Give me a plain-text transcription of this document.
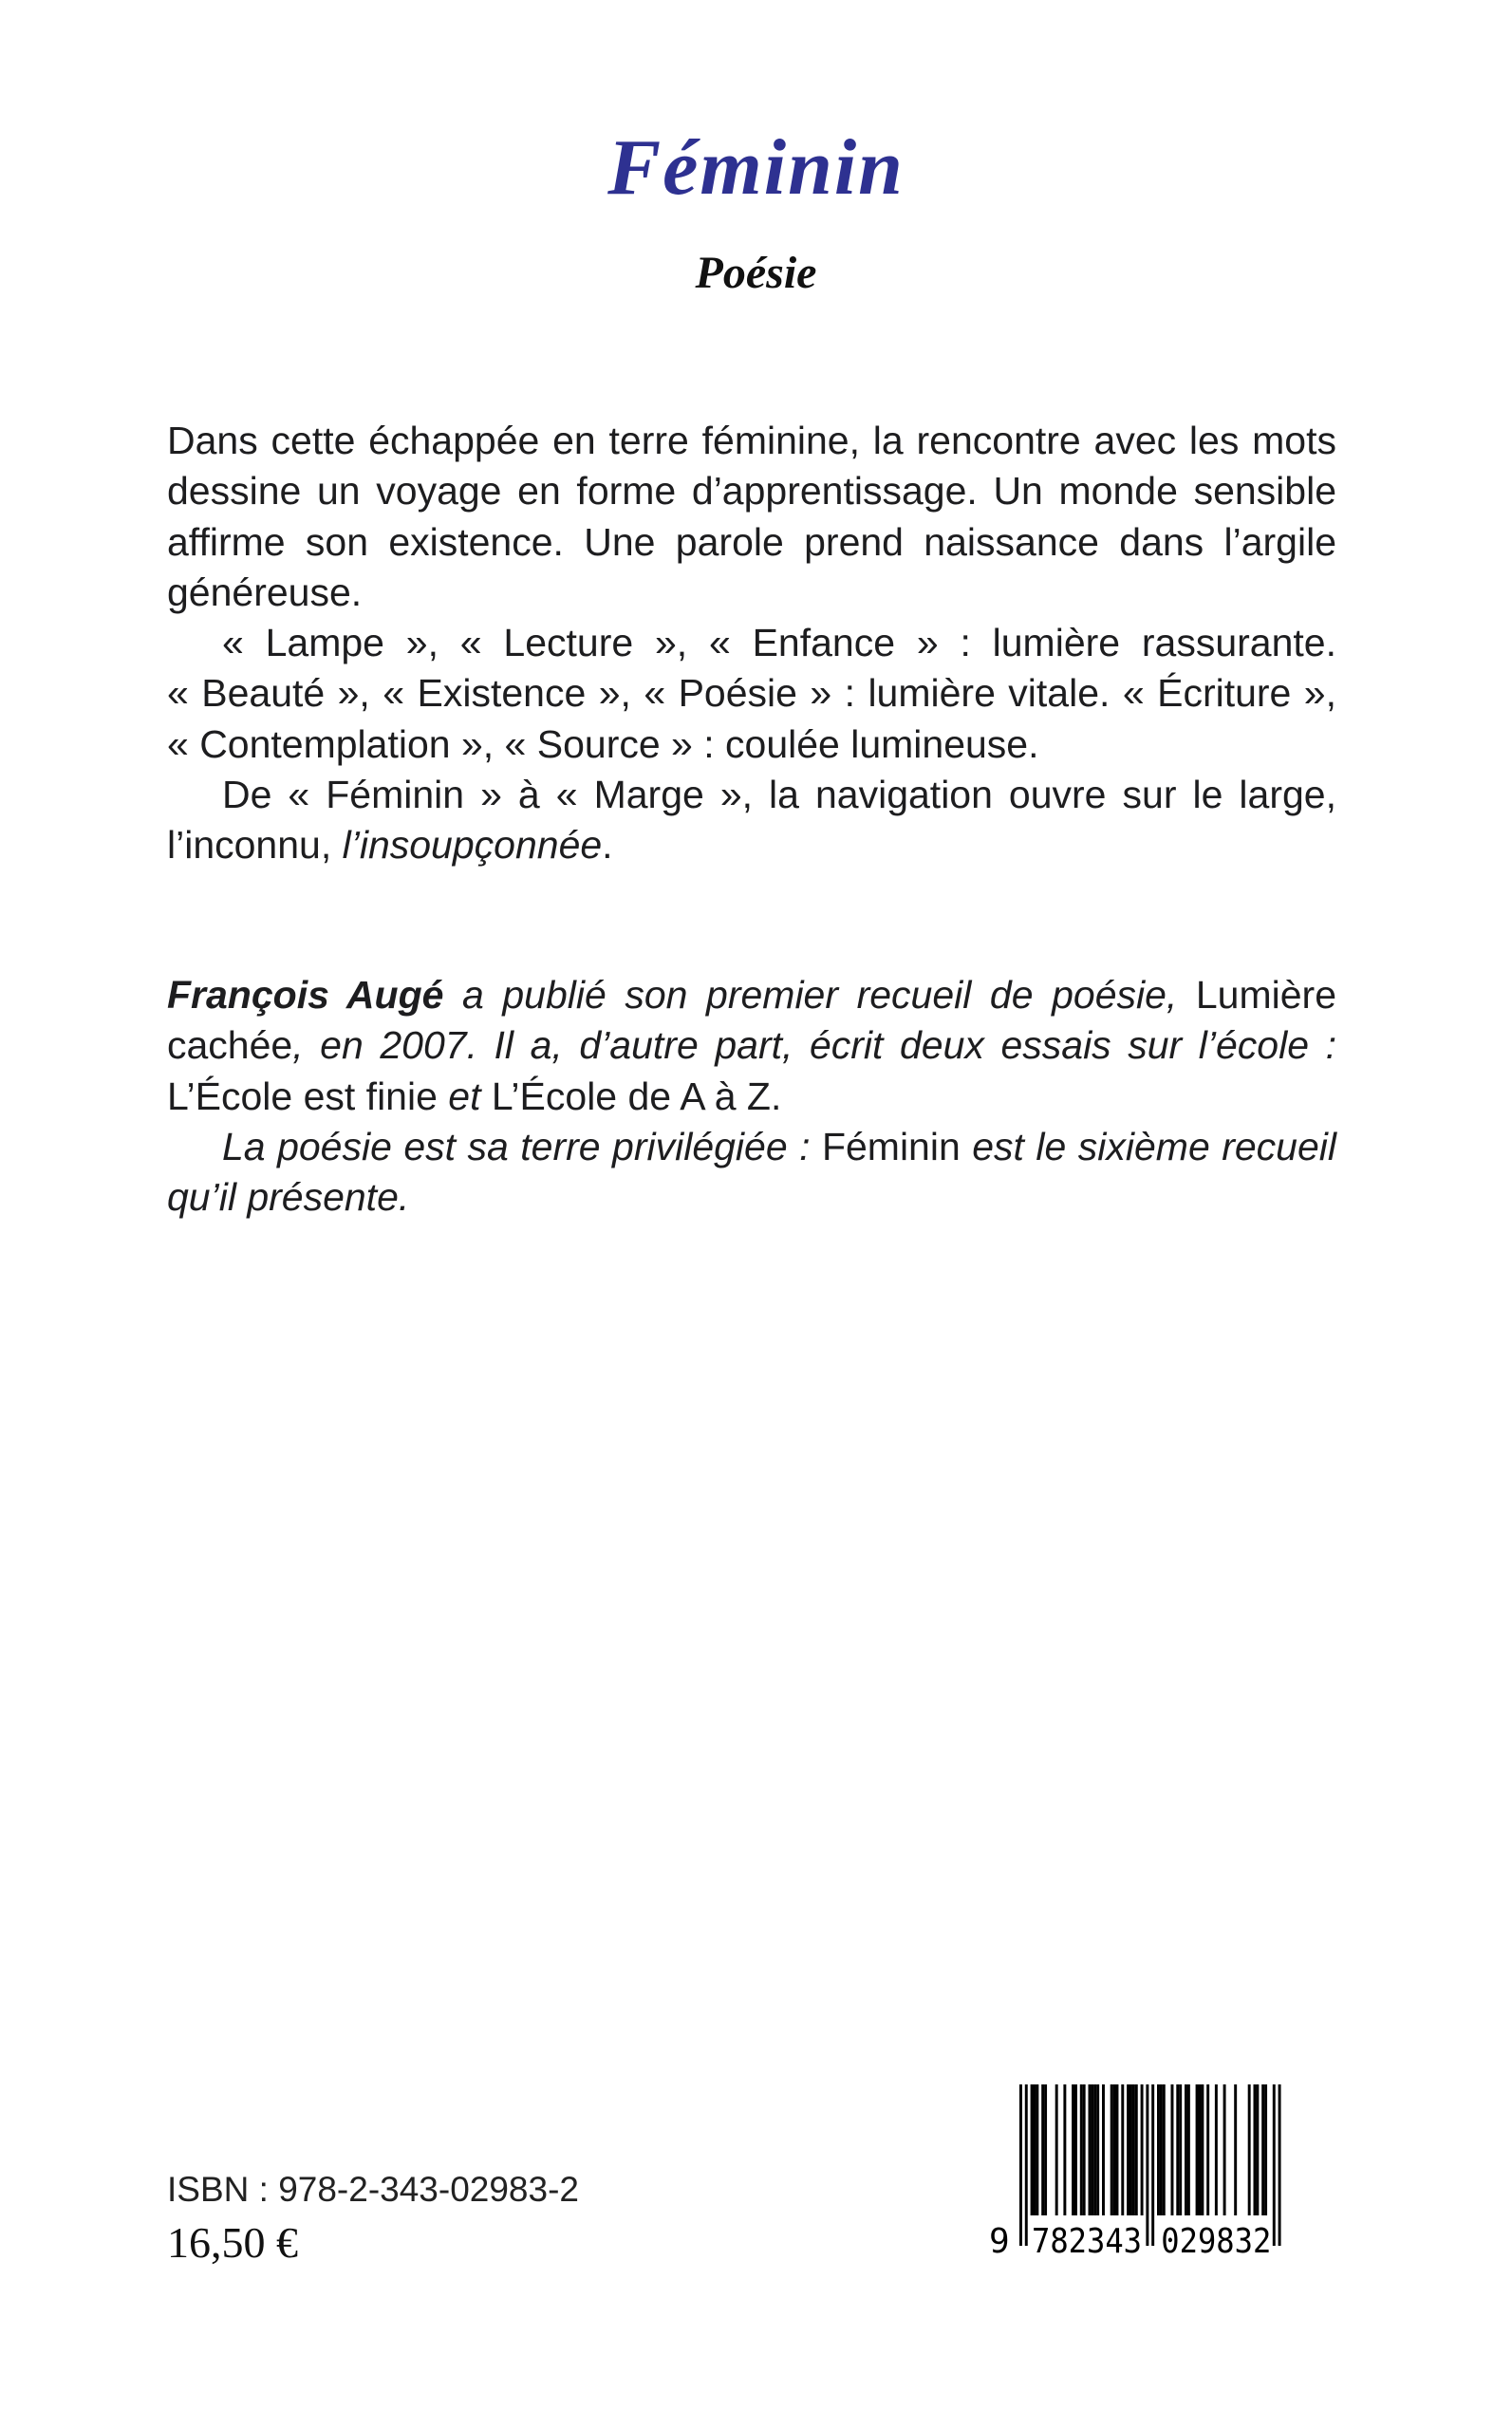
Féminin
Poésie

Dans cette échappée en terre féminine, la rencontre avec les mots dessine un voyage en forme d’apprentissage. Un monde sensible affirme son existence. Une parole prend naissance dans l’argile généreuse.

« Lampe », « Lecture », « Enfance » : lumière rassurante. « Beauté », « Existence », « Poésie » : lumière vitale. « Écriture », « Contemplation », « Source » : coulée lumineuse.

De « Féminin » à « Marge », la navigation ouvre sur le large, l’inconnu, l’insoupçonnée.

François Augé a publié son premier recueil de poésie, Lumière cachée, en 2007. Il a, d’autre part, écrit deux essais sur l’école : L’École est finie et L’École de A à Z.

La poésie est sa terre privilégiée : Féminin est le sixième recueil qu’il présente.

ISBN : 978-2-343-02983-2
16,50 €	9 782343 029832
